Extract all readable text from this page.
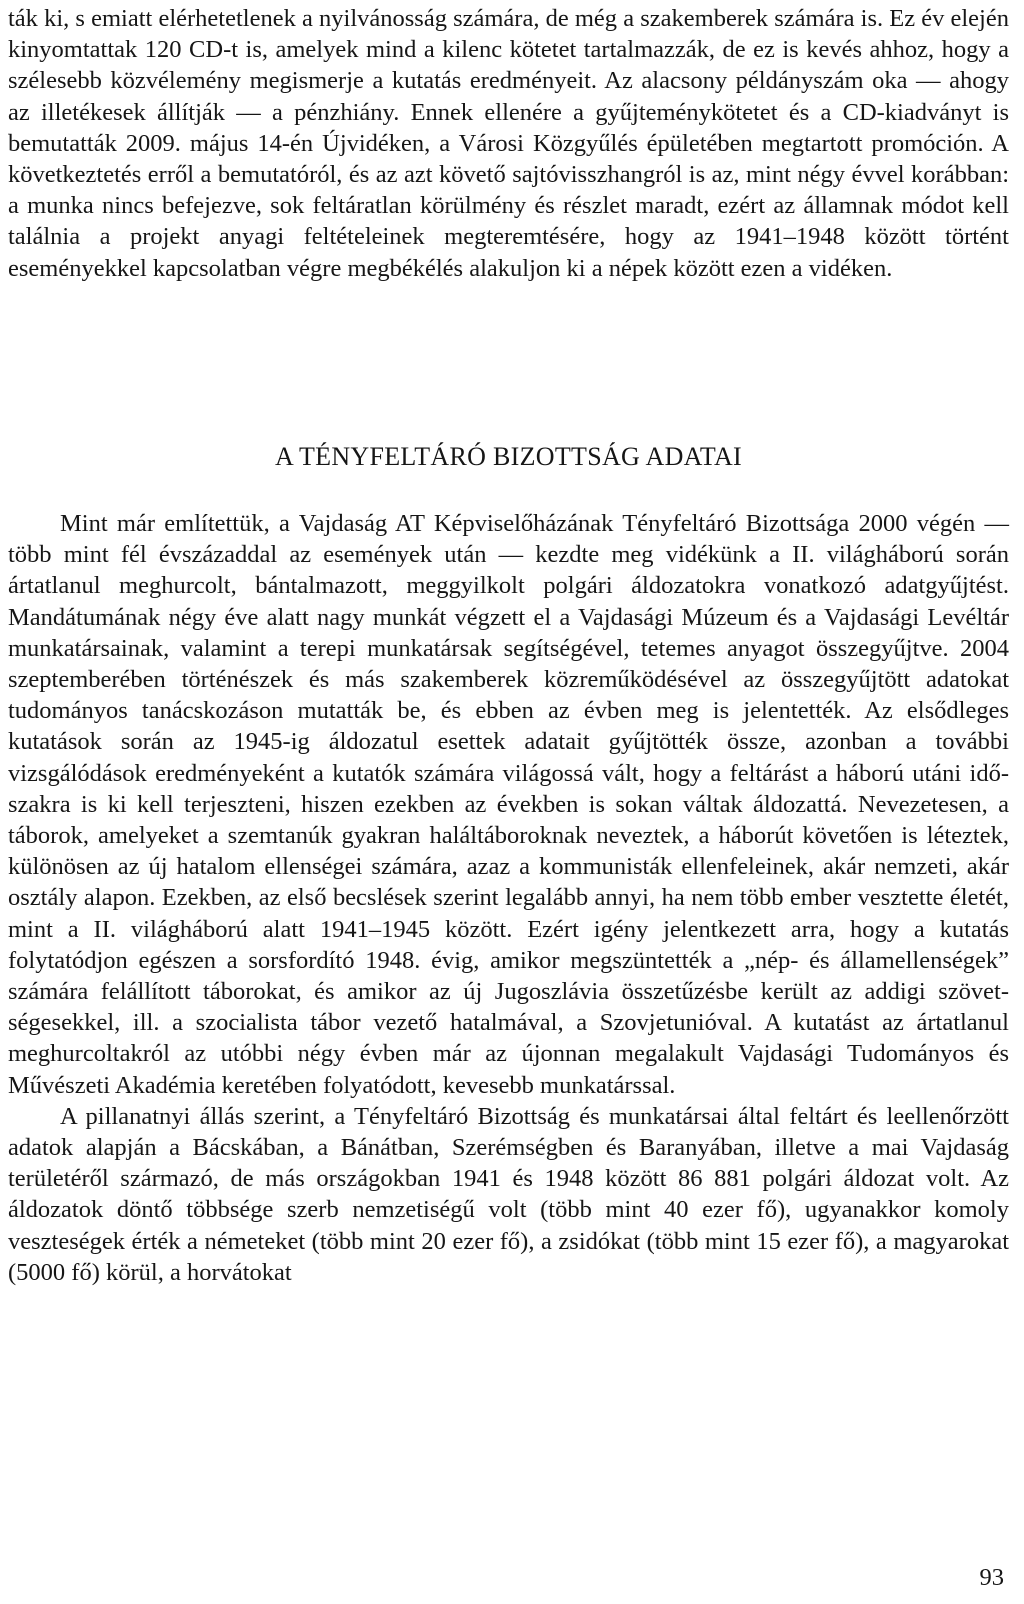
ták ki, s emiatt elérhetetlenek a nyilvánosság számára, de még a szakemberek számára is. Ez év elején kinyomtattak 120 CD-t is, amelyek mind a kilenc kötetet tartalmazzák, de ez is kevés ahhoz, hogy a szélesebb közvélemény megismerje a kutatás eredményeit. Az alacsony példányszám oka — ahogy az illetékesek állítják — a pénzhiány. Ennek ellenére a gyűjteménykötetet és a CD-kiadványt is bemutatták 2009. május 14-én Újvidéken, a Városi Közgyűlés épületében megtartott promóción. A következtetés erről a bemutatóról, és az azt követő sajtóvisszhangról is az, mint négy évvel korábban: a munka nincs befejezve, sok feltáratlan körülmény és részlet maradt, ezért az államnak módot kell találnia a projekt anyagi feltételeinek megteremtésére, hogy az 1941–1948 között történt eseményekkel kapcsolatban végre megbékélés alakuljon ki a népek között ezen a vidéken.

A TÉNYFELTÁRÓ BIZOTTSÁG ADATAI

Mint már említettük, a Vajdaság AT Képviselőházának Tényfeltáró Bizottsága 2000 végén — több mint fél évszázaddal az események után — kezdte meg vidékünk a II. világháború során ártatlanul meghurcolt, bántalmazott, meggyilkolt polgári áldozatokra vonatkozó adatgyűjtést. Mandátumának négy éve alatt nagy munkát végzett el a Vajdasági Múzeum és a Vajdasági Levéltár munkatársainak, valamint a terepi munkatársak segítségével, tetemes anyagot összegyűjtve. 2004 szeptemberében történészek és más szakemberek közreműködésével az összegyűjtött adatokat tudományos tanácskozáson mutatták be, és ebben az évben meg is jelentették. Az elsődleges kutatások során az 1945-ig áldozatul esettek adatait gyűjtötték össze, azonban a további vizsgálódások eredményeként a kutatók számára világossá vált, hogy a feltárást a háború utáni időszakra is ki kell terjeszteni, hiszen ezekben az években is sokan váltak áldozattá. Nevezetesen, a táborok, amelyeket a szemtanúk gyakran haláltáboroknak neveztek, a háborút követően is léteztek, különösen az új hatalom ellenségei számára, azaz a kommunisták ellenfeleinek, akár nemzeti, akár osztály alapon. Ezekben, az első becslések szerint legalább annyi, ha nem több ember vesztette életét, mint a II. világháború alatt 1941–1945 között. Ezért igény jelentkezett arra, hogy a kutatás folytatódjon egészen a sorsfordító 1948. évig, amikor megszüntették a „nép- és államellenségek” számára felállított táborokat, és amikor az új Jugoszlávia összetűzésbe került az addigi szövetségesekkel, ill. a szocialista tábor vezető hatalmával, a Szovjetunióval. A kutatást az ártatlanul meghurcoltakról az utóbbi négy évben már az újonnan megalakult Vajdasági Tudományos és Művészeti Akadémia keretében folyatódott, kevesebb munkatárssal.

A pillanatnyi állás szerint, a Tényfeltáró Bizottság és munkatársai által feltárt és leellenőrzött adatok alapján a Bácskában, a Bánátban, Szerémségben és Baranyában, illetve a mai Vajdaság területéről származó, de más országokban 1941 és 1948 között 86 881 polgári áldozat volt. Az áldozatok döntő többsége szerb nemzetiségű volt (több mint 40 ezer fő), ugyanakkor komoly veszteségek érték a németeket (több mint 20 ezer fő), a zsidókat (több mint 15 ezer fő), a magyarokat (5000 fő) körül, a horvátokat

93
